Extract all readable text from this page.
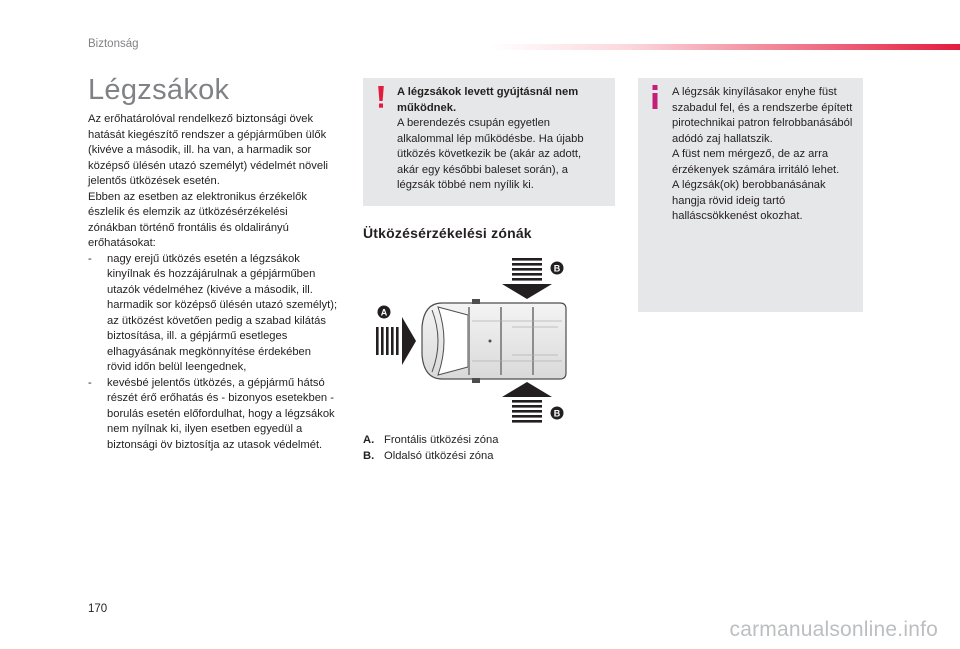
Biztonság
Légzsákok

Az erőhatárolóval rendelkező biztonsági övek hatását kiegészítő rendszer a gépjárműben ülők (kivéve a második, ill. ha van, a harmadik sor középső ülésén utazó személyt) védelmét növeli jelentős ütközések esetén.

Ebben az esetben az elektronikus érzékelők észlelik és elemzik az ütközésérzékelési zónákban történő frontális és oldalirányú erőhatásokat:

- nagy erejű ütközés esetén a légzsákok kinyílnak és hozzájárulnak a gépjárműben utazók védelméhez (kivéve a második, ill. harmadik sor középső ülésén utazó személyt); az ütközést követően pedig a szabad kilátás biztosítása, ill. a gépjármű esetleges elhagyásának megkönnyítése érdekében rövid időn belül leengednek,
- kevésbé jelentős ütközés, a gépjármű hátsó részét érő erőhatás és - bizonyos esetekben - borulás esetén előfordulhat, hogy a légzsákok nem nyílnak ki, ilyen esetben egyedül a biztonsági öv biztosítja az utasok védelmét.
A légzsákok levett gyújtásnál nem működnek.
A berendezés csupán egyetlen alkalommal lép működésbe. Ha újabb ütközés következik be (akár az adott, akár egy későbbi baleset során), a légzsák többé nem nyílik ki.
A légzsák kinyílásakor enyhe füst szabadul fel, és a rendszerbe épített pirotechnikai patron felrobbanásából adódó zaj hallatszik.
A füst nem mérgező, de az arra érzékenyek számára irritáló lehet.
A légzsák(ok) berobbanásának hangja rövid ideig tartó halláscsökkenést okozhat.
Ütközésérzékelési zónák
B
A
B
A. Frontális ütközési zóna
B. Oldalsó ütközési zóna
170
carmanualsonline.info
